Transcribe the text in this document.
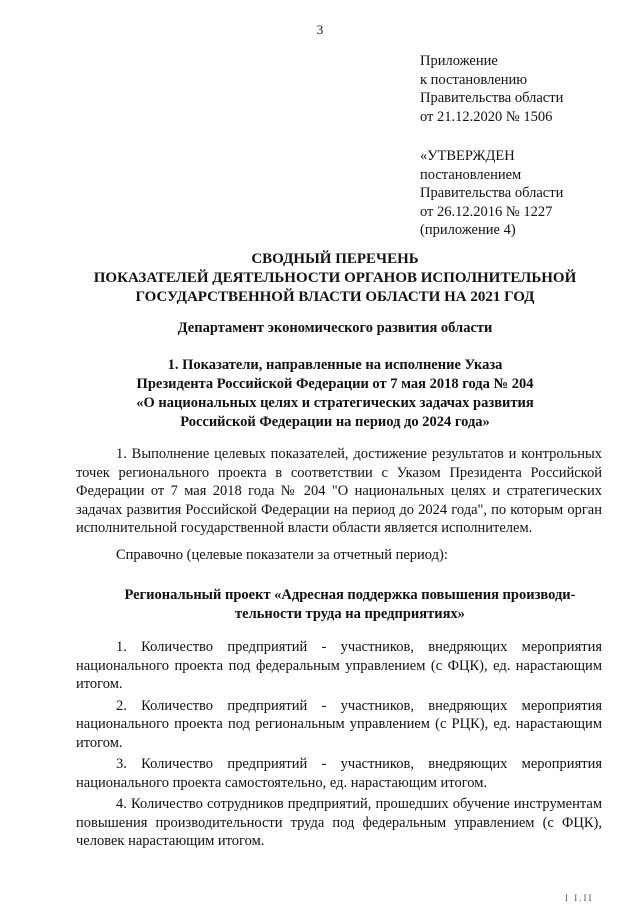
3
Приложение
к постановлению
Правительства области
от 21.12.2020 № 1506
«УТВЕРЖДЕН
постановлением
Правительства области
от 26.12.2016 № 1227
(приложение 4)
СВОДНЫЙ ПЕРЕЧЕНЬ
ПОКАЗАТЕЛЕЙ ДЕЯТЕЛЬНОСТИ ОРГАНОВ ИСПОЛНИТЕЛЬНОЙ
ГОСУДАРСТВЕННОЙ ВЛАСТИ ОБЛАСТИ НА 2021 ГОД
Департамент экономического развития области
1. Показатели, направленные на исполнение Указа
Президента Российской Федерации от 7 мая 2018 года № 204
«О национальных целях и стратегических задачах развития
Российской Федерации на период до 2024 года»

1. Выполнение целевых показателей, достижение результатов и контрольных точек регионального проекта в соответствии с Указом Президента Российской Федерации от 7 мая 2018 года № 204 "О национальных целях и стратегических задачах развития Российской Федерации на период до 2024 года", по которым орган исполнительной государственной власти области является исполнителем.

Справочно (целевые показатели за отчетный период):

Региональный проект «Адресная поддержка повышения производи-
тельности труда на предприятиях»

1. Количество предприятий - участников, внедряющих мероприятия национального проекта под федеральным управлением (с ФЦК), ед. нарастающим итогом.

2. Количество предприятий - участников, внедряющих мероприятия национального проекта под региональным управлением (с РЦК), ед. нарастающим итогом.

3. Количество предприятий - участников, внедряющих мероприятия национального проекта самостоятельно, ед. нарастающим итогом.

4. Количество сотрудников предприятий, прошедших обучение инструментам повышения производительности труда под федеральным управлением (с ФЦК), человек нарастающим итогом.

I I.II
